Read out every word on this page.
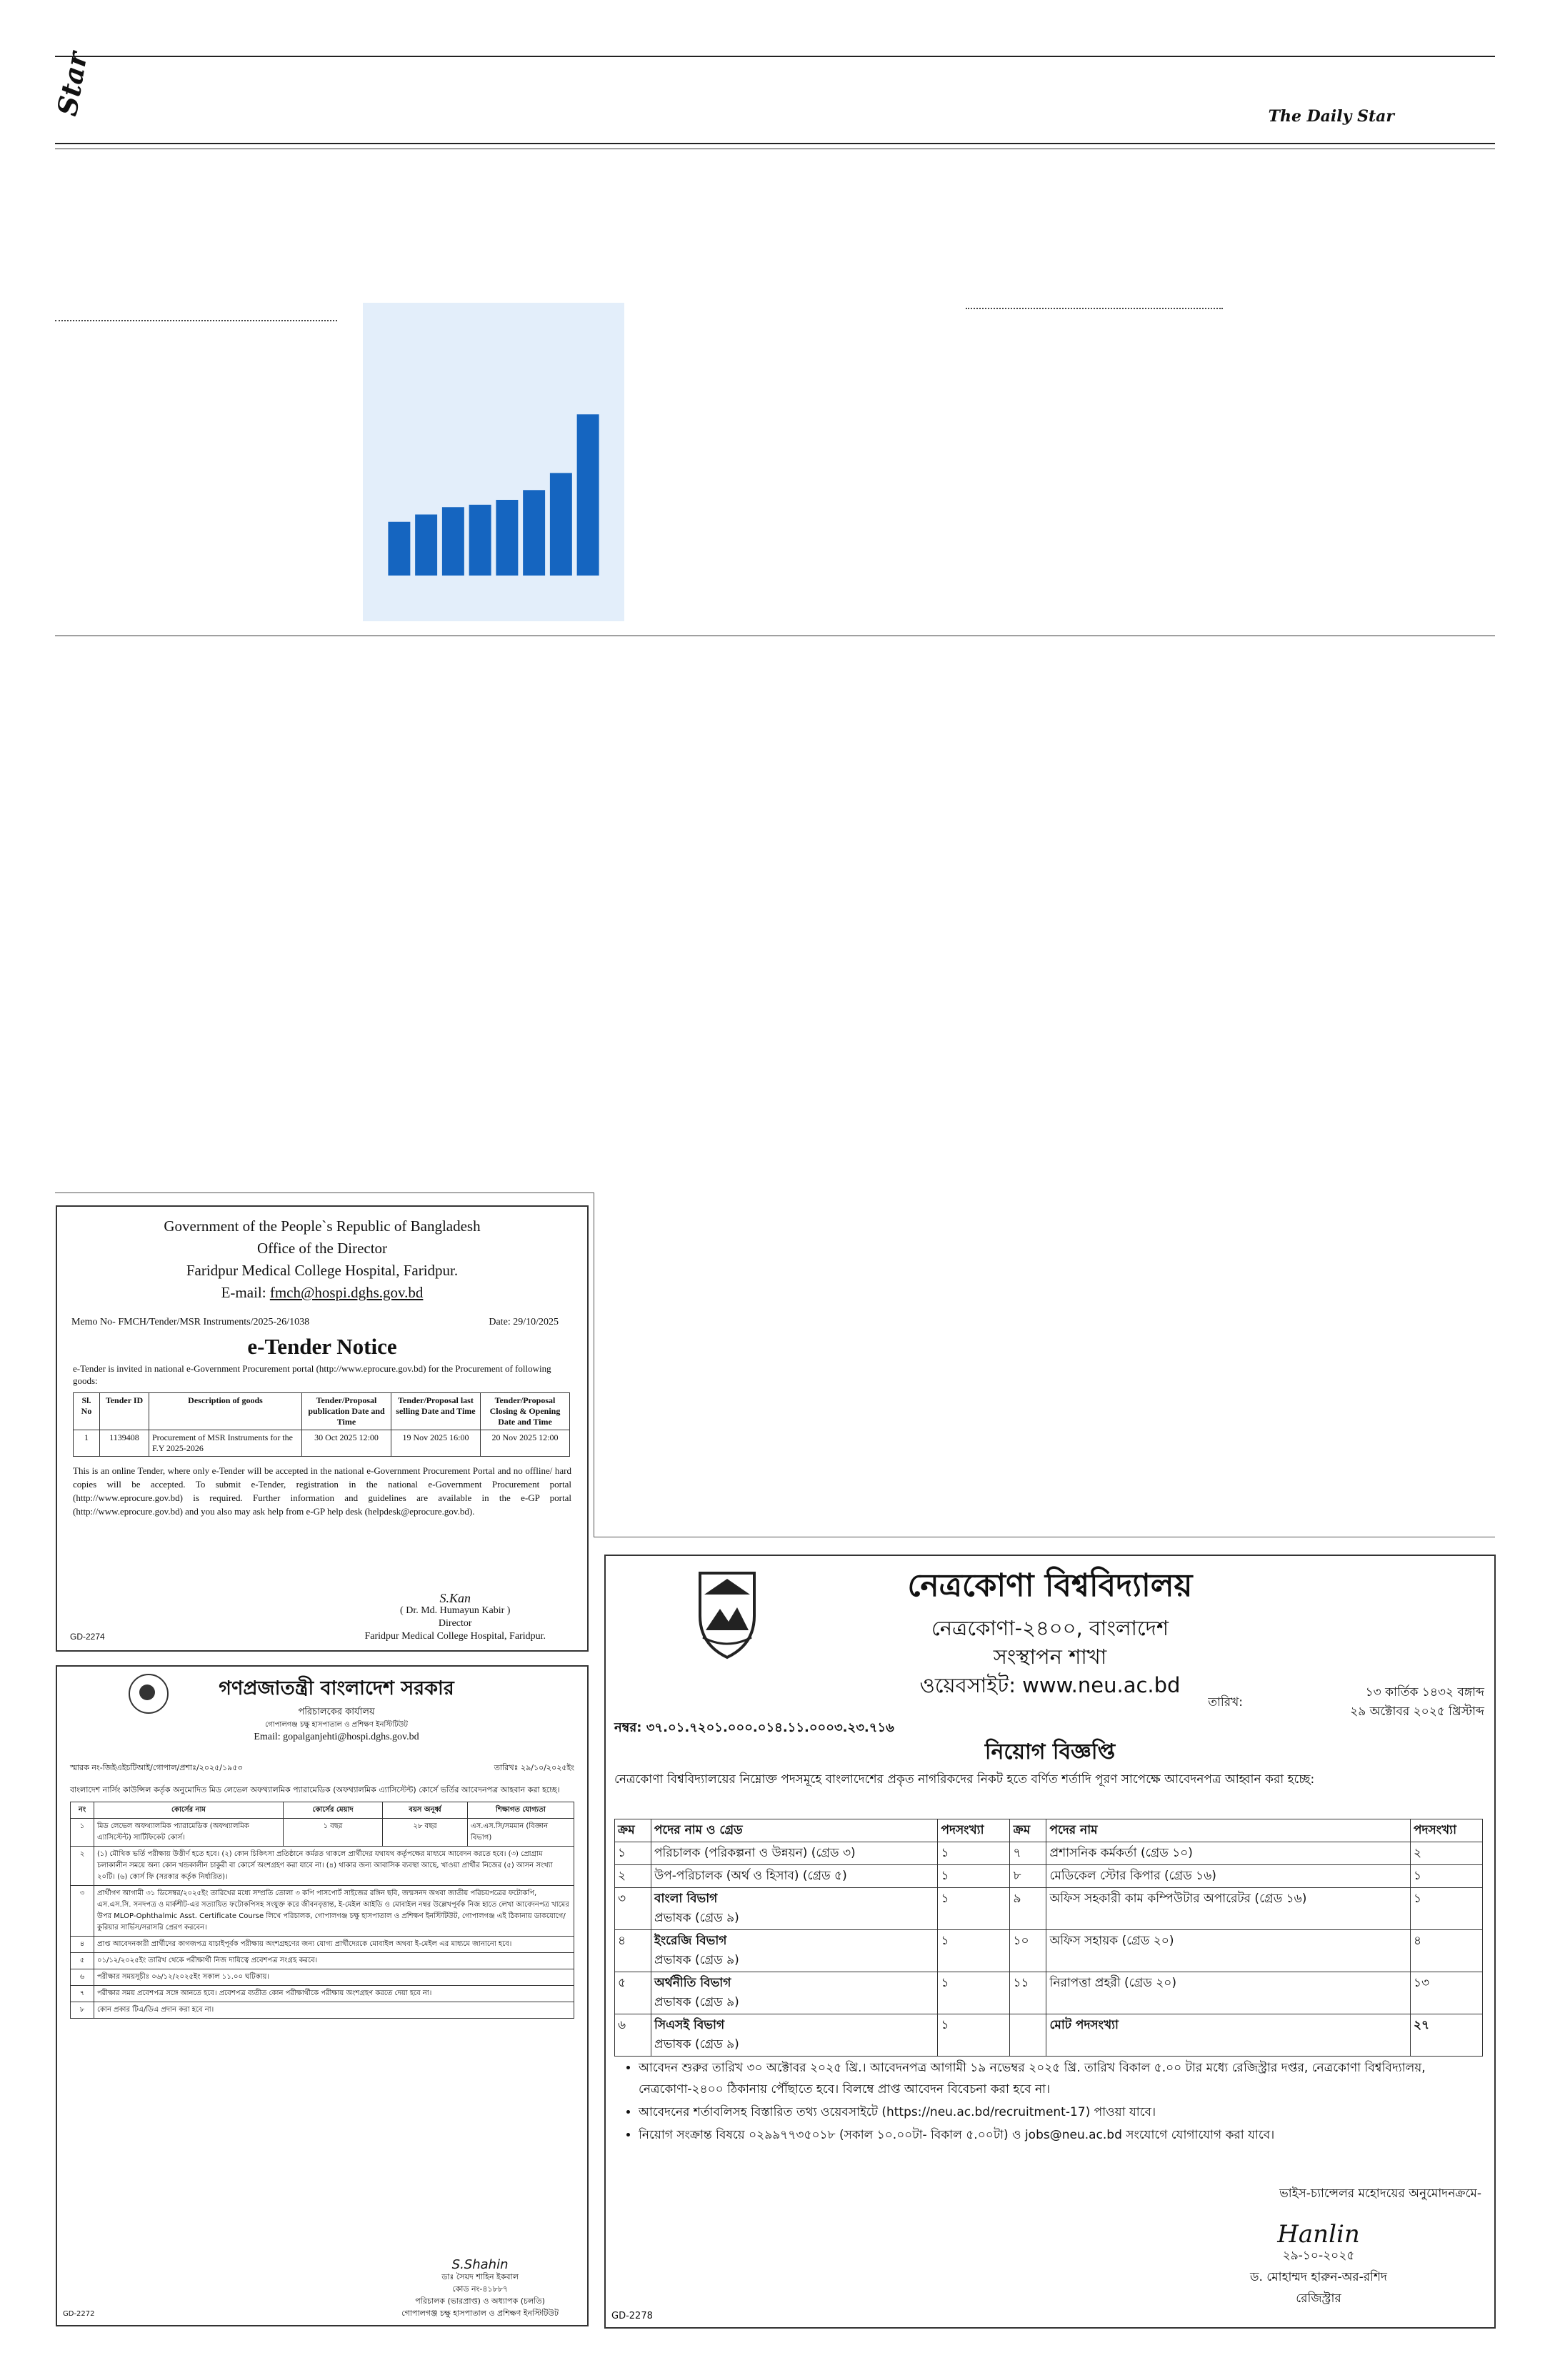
Star	The Daily Star
Government of the People`s Republic of Bangladesh
Office of the Director
Faridpur Medical College Hospital, Faridpur.
E-mail: fmch@hospi.dghs.gov.bd
Memo No- FMCH/Tender/MSR Instruments/2025-26/1038	Date: 29/10/2025
e-Tender Notice
e-Tender is invited in national e-Government Procurement portal (http://www.eprocure.gov.bd) for the Procurement of following goods:
Sl. No	Tender ID	Description of goods	Tender/Proposal publication Date and Time	Tender/Proposal last selling Date and Time	Tender/Proposal Closing & Opening Date and Time
1	1139408	Procurement of MSR Instruments for the F.Y 2025-2026	30 Oct 2025 12:00	19 Nov 2025 16:00	20 Nov 2025 12:00
This is an online Tender, where only e-Tender will be accepted in the national e-Government Procurement Portal and no offline/ hard copies will be accepted. To submit e-Tender, registration in the national e-Government Procurement portal (http://www.eprocure.gov.bd) is required. Further information and guidelines are available in the e-GP portal (http://www.eprocure.gov.bd) and you also may ask help from e-GP help desk (helpdesk@eprocure.gov.bd).
GD-2274
S.Kan
( Dr. Md. Humayun Kabir )
Director
Faridpur Medical College Hospital, Faridpur.
গণপ্রজাতন্ত্রী বাংলাদেশ সরকার
পরিচালকের কার্যালয়
গোপালগঞ্জ চক্ষু হাসপাতাল ও প্রশিক্ষণ ইনস্টিটিউট
Email: gopalganjehti@hospi.dghs.gov.bd
স্মারক নং-জিইএইচটিআই/গোপাল/প্রশাঃ/২০২৫/১৯৫৩	তারিখঃ ২৯/১০/২০২৫ইং
বাংলাদেশ নার্সিং কাউন্সিল কর্তৃক অনুমোদিত মিড লেভেল অফথ্যালমিক প্যারামেডিক (অফথ্যালমিক এ্যাসিস্টেন্ট) কোর্সে ভর্তির আবেদনপত্র আহবান করা হচ্ছে।
নং	কোর্সের নাম	কোর্সের মেয়াদ	বয়স অনূর্ধ্ব	শিক্ষাগত যোগ্যতা
১	মিড লেভেল অফথ্যালমিক প্যারামেডিক (অফথ্যালমিক এ্যাসিস্টেন্ট) সার্টিফিকেট কোর্স।	১ বছর	২৮ বছর	এস.এস.সি/সমমান (বিজ্ঞান বিভাগ)
২	(১) মৌখিক ভর্তি পরীক্ষায় উত্তীর্ণ হতে হবে। (২) কোন চিকিৎসা প্রতিষ্ঠানে কর্মরত থাকলে প্রার্থীদের যথাযথ কর্তৃপক্ষের মাধ্যমে আবেদন করতে হবে। (৩) প্রোগ্রাম চলাকালীন সময়ে অন্য কোন খন্ডকালীন চাকুরী বা কোর্সে অংশগ্রহণ করা যাবে না। (৪) থাকার জন্য আবাসিক ব্যবস্থা আছে, খাওয়া প্রার্থীর নিজের (৫) আসন সংখ্যা ২০টি। (৬) কোর্স ফি (সরকার কর্তৃক নির্ধারিত)।			
৩	প্রার্থীগণ আগামী ৩১ ডিসেম্বর/২০২৫ইং তারিখের মধ্যে সম্প্রতি তোলা ৩ কপি পাসপোর্ট সাইজের রঙ্গিন ছবি, জন্মসনদ অথবা জাতীয় পরিচয়পত্রের ফটোকপি, এস.এস.সি. সনদপত্র ও মার্কশীট-এর সত্যায়িত ফটোকপিসহ সংযুক্ত করে জীবনবৃত্তান্ত, ই-মেইল আইডি ও মোবাইল নম্বর উল্লেখপূর্বক নিজ হাতে লেখা আবেদনপত্র খামের উপর MLOP-Ophthalmic Asst. Certificate Course লিখে পরিচালক, গোপালগঞ্জ চক্ষু হাসপাতাল ও প্রশিক্ষণ ইনস্টিটিউট, গোপালগঞ্জ এই ঠিকানায় ডাকযোগে/কুরিয়ার সার্ভিস/সরাসরি প্রেরণ করবেন।			
৪	প্রাপ্ত আবেদনকারী প্রার্থীদের কাগজপত্র যাচাইপূর্বক পরীক্ষায় অংশগ্রহণের জন্য যোগ্য প্রার্থীদেরকে মোবাইল অথবা ই-মেইল এর মাধ্যমে জানানো হবে।			
৫	০১/১২/২০২৫ইং তারিখ থেকে পরীক্ষার্থী নিজ দায়িত্বে প্রবেশপত্র সংগ্রহ করবে।			
৬	পরীক্ষার সময়সূচীঃ ০৬/১২/২০২৫ইং সকাল ১১.০০ ঘটিকায়।			
৭	পরীক্ষার সময় প্রবেশপত্র সঙ্গে আনতে হবে। প্রবেশপত্র ব্যতীত কোন পরীক্ষার্থীকে পরীক্ষায় অংশগ্রহণ করতে দেয়া হবে না।			
৮	কোন প্রকার টিএ/ডিএ প্রদান করা হবে না।			
GD-2272
S.Shahin
ডাঃ সৈয়দ শাহিন ইকবাল
কোড নং-৪১৮৮৭
পরিচালক (ভারপ্রাপ্ত) ও অধ্যাপক (চলতি)
গোপালগঞ্জ চক্ষু হাসপাতাল ও প্রশিক্ষণ ইনস্টিটিউট
নেত্রকোণা বিশ্ববিদ্যালয়
নেত্রকোণা-২৪০০, বাংলাদেশ
সংস্থাপন শাখা
ওয়েবসাইট: www.neu.ac.bd
তারিখ:
১৩ কার্তিক ১৪৩২ বঙ্গাব্দ
২৯ অক্টোবর ২০২৫ খ্রিস্টাব্দ
নম্বর: ৩৭.০১.৭২০১.০০০.০১৪.১১.০০০৩.২৩.৭১৬
নিয়োগ বিজ্ঞপ্তি
নেত্রকোণা বিশ্ববিদ্যালয়ের নিম্নোক্ত পদসমূহে বাংলাদেশের প্রকৃত নাগরিকদের নিকট হতে বর্ণিত শর্তাদি পূরণ সাপেক্ষে আবেদনপত্র আহ্বান করা হচ্ছে:
ক্রম	পদের নাম ও গ্রেড	পদসংখ্যা	ক্রম	পদের নাম	পদসংখ্যা
১	পরিচালক (পরিকল্পনা ও উন্নয়ন) (গ্রেড ৩)	১	৭	প্রশাসনিক কর্মকর্তা (গ্রেড ১০)	২
২	উপ-পরিচালক (অর্থ ও হিসাব) (গ্রেড ৫)	১	৮	মেডিকেল স্টোর কিপার (গ্রেড ১৬)	১
৩	বাংলা বিভাগ
প্রভাষক (গ্রেড ৯)	১	৯	অফিস সহকারী কাম কম্পিউটার অপারেটর (গ্রেড ১৬)	১
৪	ইংরেজি বিভাগ
প্রভাষক (গ্রেড ৯)	১	১০	অফিস সহায়ক (গ্রেড ২০)	৪
৫	অর্থনীতি বিভাগ
প্রভাষক (গ্রেড ৯)	১	১১	নিরাপত্তা প্রহরী (গ্রেড ২০)	১৩
৬	সিএসই বিভাগ
প্রভাষক (গ্রেড ৯)	১		মোট পদসংখ্যা	২৭
• আবেদন শুরুর তারিখ ৩০ অক্টোবর ২০২৫ খ্রি.। আবেদনপত্র আগামী ১৯ নভেম্বর ২০২৫ খ্রি. তারিখ বিকাল ৫.০০ টার মধ্যে রেজিস্ট্রার দপ্তর, নেত্রকোণা বিশ্ববিদ্যালয়, নেত্রকোণা-২৪০০ ঠিকানায় পৌঁছাতে হবে। বিলম্বে প্রাপ্ত আবেদন বিবেচনা করা হবে না।
• আবেদনের শর্তাবলিসহ বিস্তারিত তথ্য ওয়েবসাইটে (https://neu.ac.bd/recruitment-17) পাওয়া যাবে।
• নিয়োগ সংক্রান্ত বিষয়ে ০২৯৯৭৭৩৫০১৮ (সকাল ১০.০০টা- বিকাল ৫.০০টা) ও jobs@neu.ac.bd সংযোগে যোগাযোগ করা যাবে।
ভাইস-চ্যান্সেলর মহোদয়ের অনুমোদনক্রমে-
Hanlin
২৯-১০-২০২৫
ড. মোহাম্মদ হারুন-অর-রশিদ
রেজিস্ট্রার
GD-2278
